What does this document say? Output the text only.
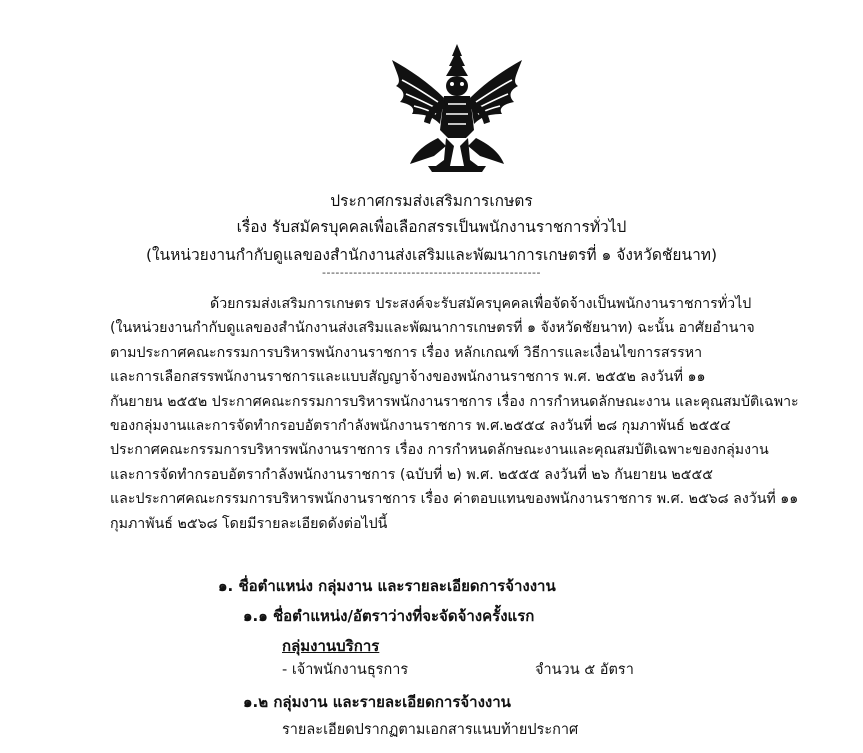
ประกาศกรมส่งเสริมการเกษตร
เรื่อง รับสมัครบุคคลเพื่อเลือกสรรเป็นพนักงานราชการทั่วไป
(ในหน่วยงานกำกับดูแลของสำนักงานส่งเสริมและพัฒนาการเกษตรที่ ๑ จังหวัดชัยนาท)
-------------------------------------------------
ด้วยกรมส่งเสริมการเกษตร ประสงค์จะรับสมัครบุคคลเพื่อจัดจ้างเป็นพนักงานราชการทั่วไป
(ในหน่วยงานกำกับดูแลของสำนักงานส่งเสริมและพัฒนาการเกษตรที่ ๑ จังหวัดชัยนาท) ฉะนั้น อาศัยอำนาจ
ตามประกาศคณะกรรมการบริหารพนักงานราชการ เรื่อง หลักเกณฑ์ วิธีการและเงื่อนไขการสรรหา
และการเลือกสรรพนักงานราชการและแบบสัญญาจ้างของพนักงานราชการ พ.ศ. ๒๕๕๒ ลงวันที่ ๑๑
กันยายน ๒๕๕๒ ประกาศคณะกรรมการบริหารพนักงานราชการ เรื่อง การกำหนดลักษณะงาน และคุณสมบัติเฉพาะ
ของกลุ่มงานและการจัดทำกรอบอัตรากำลังพนักงานราชการ พ.ศ.๒๕๕๔ ลงวันที่ ๒๘ กุมภาพันธ์ ๒๕๕๔
ประกาศคณะกรรมการบริหารพนักงานราชการ เรื่อง การกำหนดลักษณะงานและคุณสมบัติเฉพาะของกลุ่มงาน
และการจัดทำกรอบอัตรากำลังพนักงานราชการ (ฉบับที่ ๒) พ.ศ. ๒๕๕๕ ลงวันที่ ๒๖ กันยายน ๒๕๕๕
และประกาศคณะกรรมการบริหารพนักงานราชการ เรื่อง ค่าตอบแทนของพนักงานราชการ พ.ศ. ๒๕๖๘ ลงวันที่ ๑๑
กุมภาพันธ์ ๒๕๖๘ โดยมีรายละเอียดดังต่อไปนี้
๑. ชื่อตำแหน่ง กลุ่มงาน และรายละเอียดการจ้างงาน
๑.๑ ชื่อตำแหน่ง/อัตราว่างที่จะจัดจ้างครั้งแรก
กลุ่มงานบริการ
- เจ้าพนักงานธุรการ	จำนวน ๕ อัตรา
๑.๒ กลุ่มงาน และรายละเอียดการจ้างงาน
รายละเอียดปรากฏตามเอกสารแนบท้ายประกาศ
